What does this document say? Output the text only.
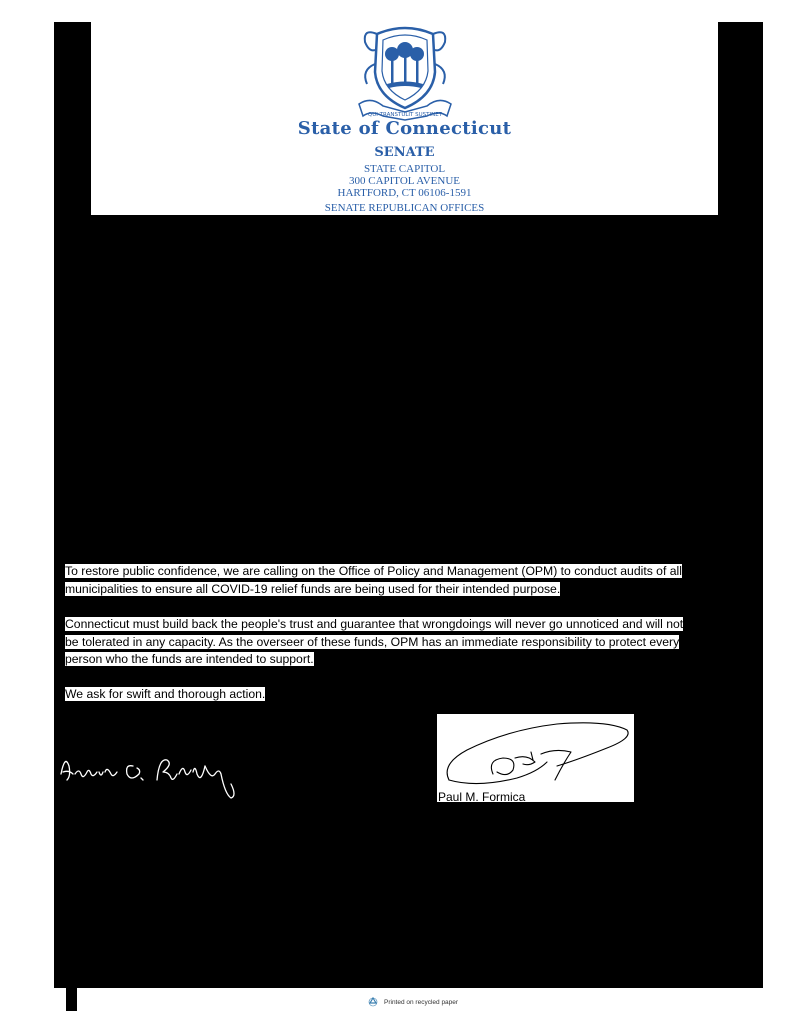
QUI TRANSTULIT SUSTINET
State of Connecticut
SENATE
STATE CAPITOL
300 CAPITOL AVENUE
HARTFORD, CT 06106-1591
SENATE REPUBLICAN OFFICES
To restore public confidence, we are calling on the Office of Policy and Management (OPM) to conduct audits of all
municipalities to ensure all COVID-19 relief funds are being used for their intended purpose.
Connecticut must build back the people's trust and guarantee that wrongdoings will never go unnoticed and will not
be tolerated in any capacity. As the overseer of these funds, OPM has an immediate responsibility to protect every
person who the funds are intended to support.
We ask for swift and thorough action.
Paul M. Formica
Printed on recycled paper
